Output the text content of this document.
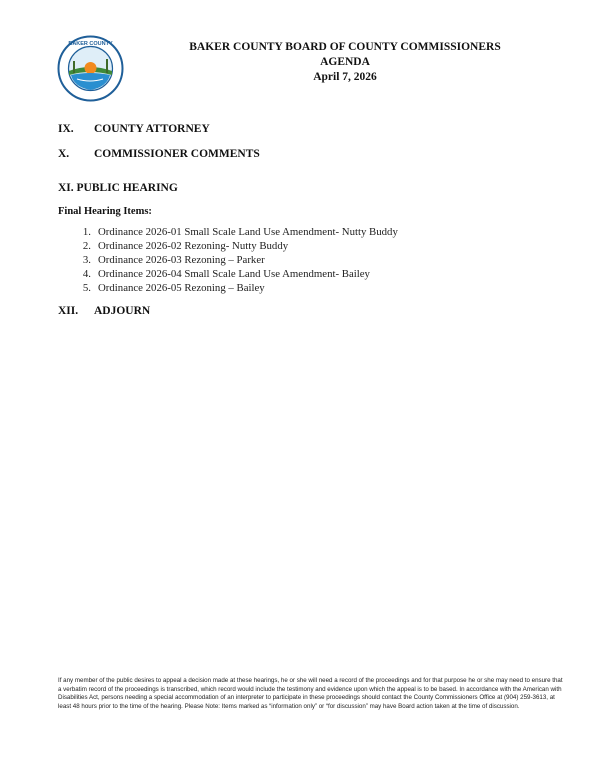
BAKER COUNTY	BAKER COUNTY BOARD OF COUNTY COMMISSIONERS
AGENDA
April 7, 2026
IX. COUNTY ATTORNEY
X. COMMISSIONER COMMENTS
XI. PUBLIC HEARING
Final Hearing Items:
1. Ordinance 2026-01 Small Scale Land Use Amendment- Nutty Buddy
2. Ordinance 2026-02 Rezoning- Nutty Buddy
3. Ordinance 2026-03 Rezoning – Parker
4. Ordinance 2026-04 Small Scale Land Use Amendment- Bailey
5. Ordinance 2026-05 Rezoning – Bailey
XII. ADJOURN
If any member of the public desires to appeal a decision made at these hearings, he or she will need a record of the proceedings and for that purpose he or she may need to ensure that a verbatim record of the proceedings is transcribed, which record would include the testimony and evidence upon which the appeal is to be based. In accordance with the American with Disabilities Act, persons needing a special accommodation of an interpreter to participate in these proceedings should contact the County Commissioners Office at (904) 259-3613, at least 48 hours prior to the time of the hearing. Please Note: Items marked as “information only” or “for discussion” may have Board action taken at the time of discussion.
